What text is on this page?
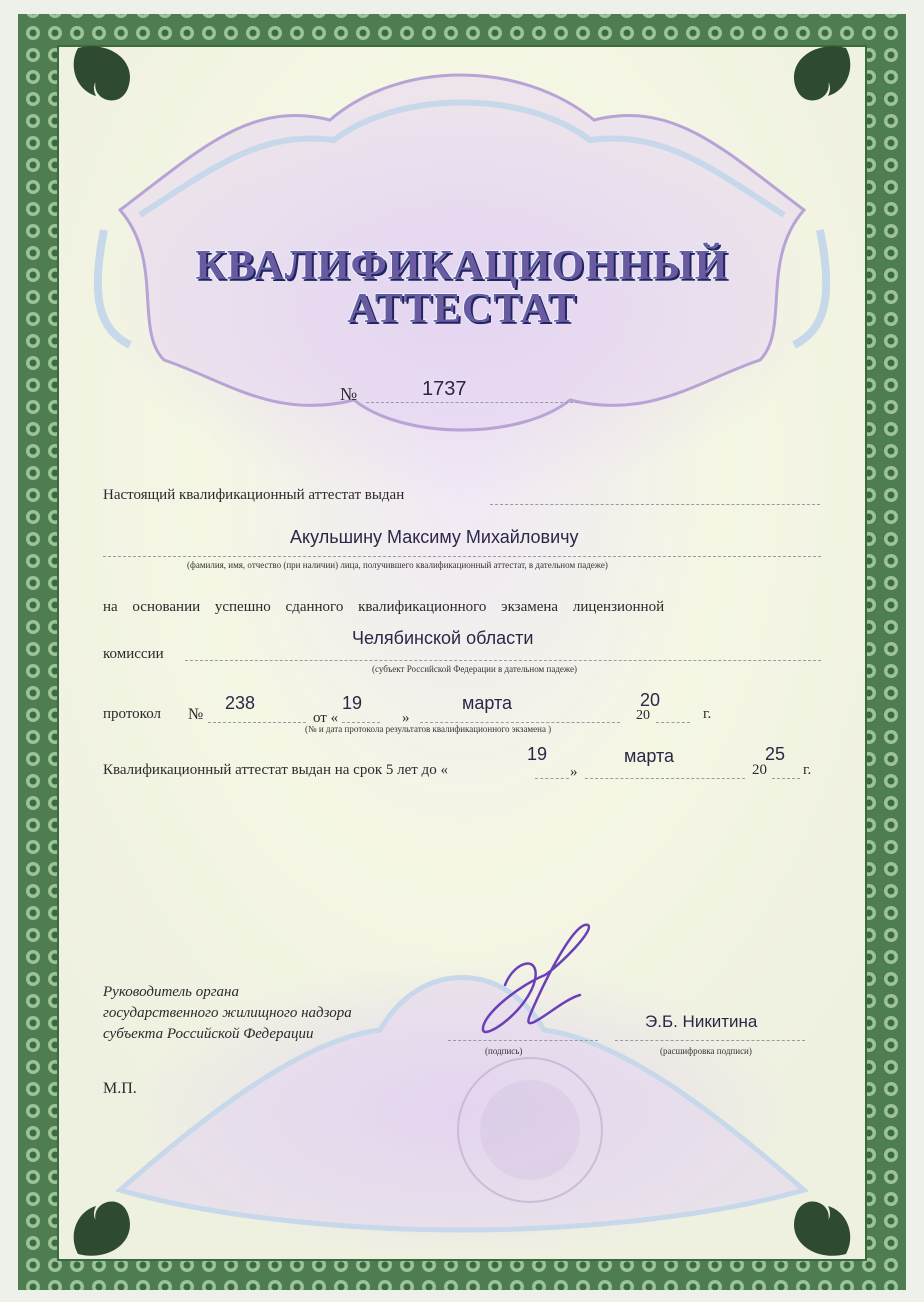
КВАЛИФИКАЦИОННЫЙ
АТТЕСТАТ
№	1737
Настоящий квалификационный аттестат выдан
Акульшину Максиму Михайловичу
(фамилия, имя, отчество (при наличии) лица, получившего квалификационный аттестат, в дательном падеже)
на основании успешно сданного квалификационного экзамена лицензионной
комиссии
Челябинской области
(субъект Российской Федерации в дательном падеже)
протокол №
238
от «
19
»
марта	20
20	г.
(№ и дата протокола результатов квалификационного экзамена )
Квалификационный аттестат выдан на срок 5 лет до «
19
»
марта	25
20 г.
Руководитель органа
государственного жилищного надзора
субъекта Российской Федерации
(подпись)
Э.Б. Никитина
(расшифровка подписи)
М.П.
